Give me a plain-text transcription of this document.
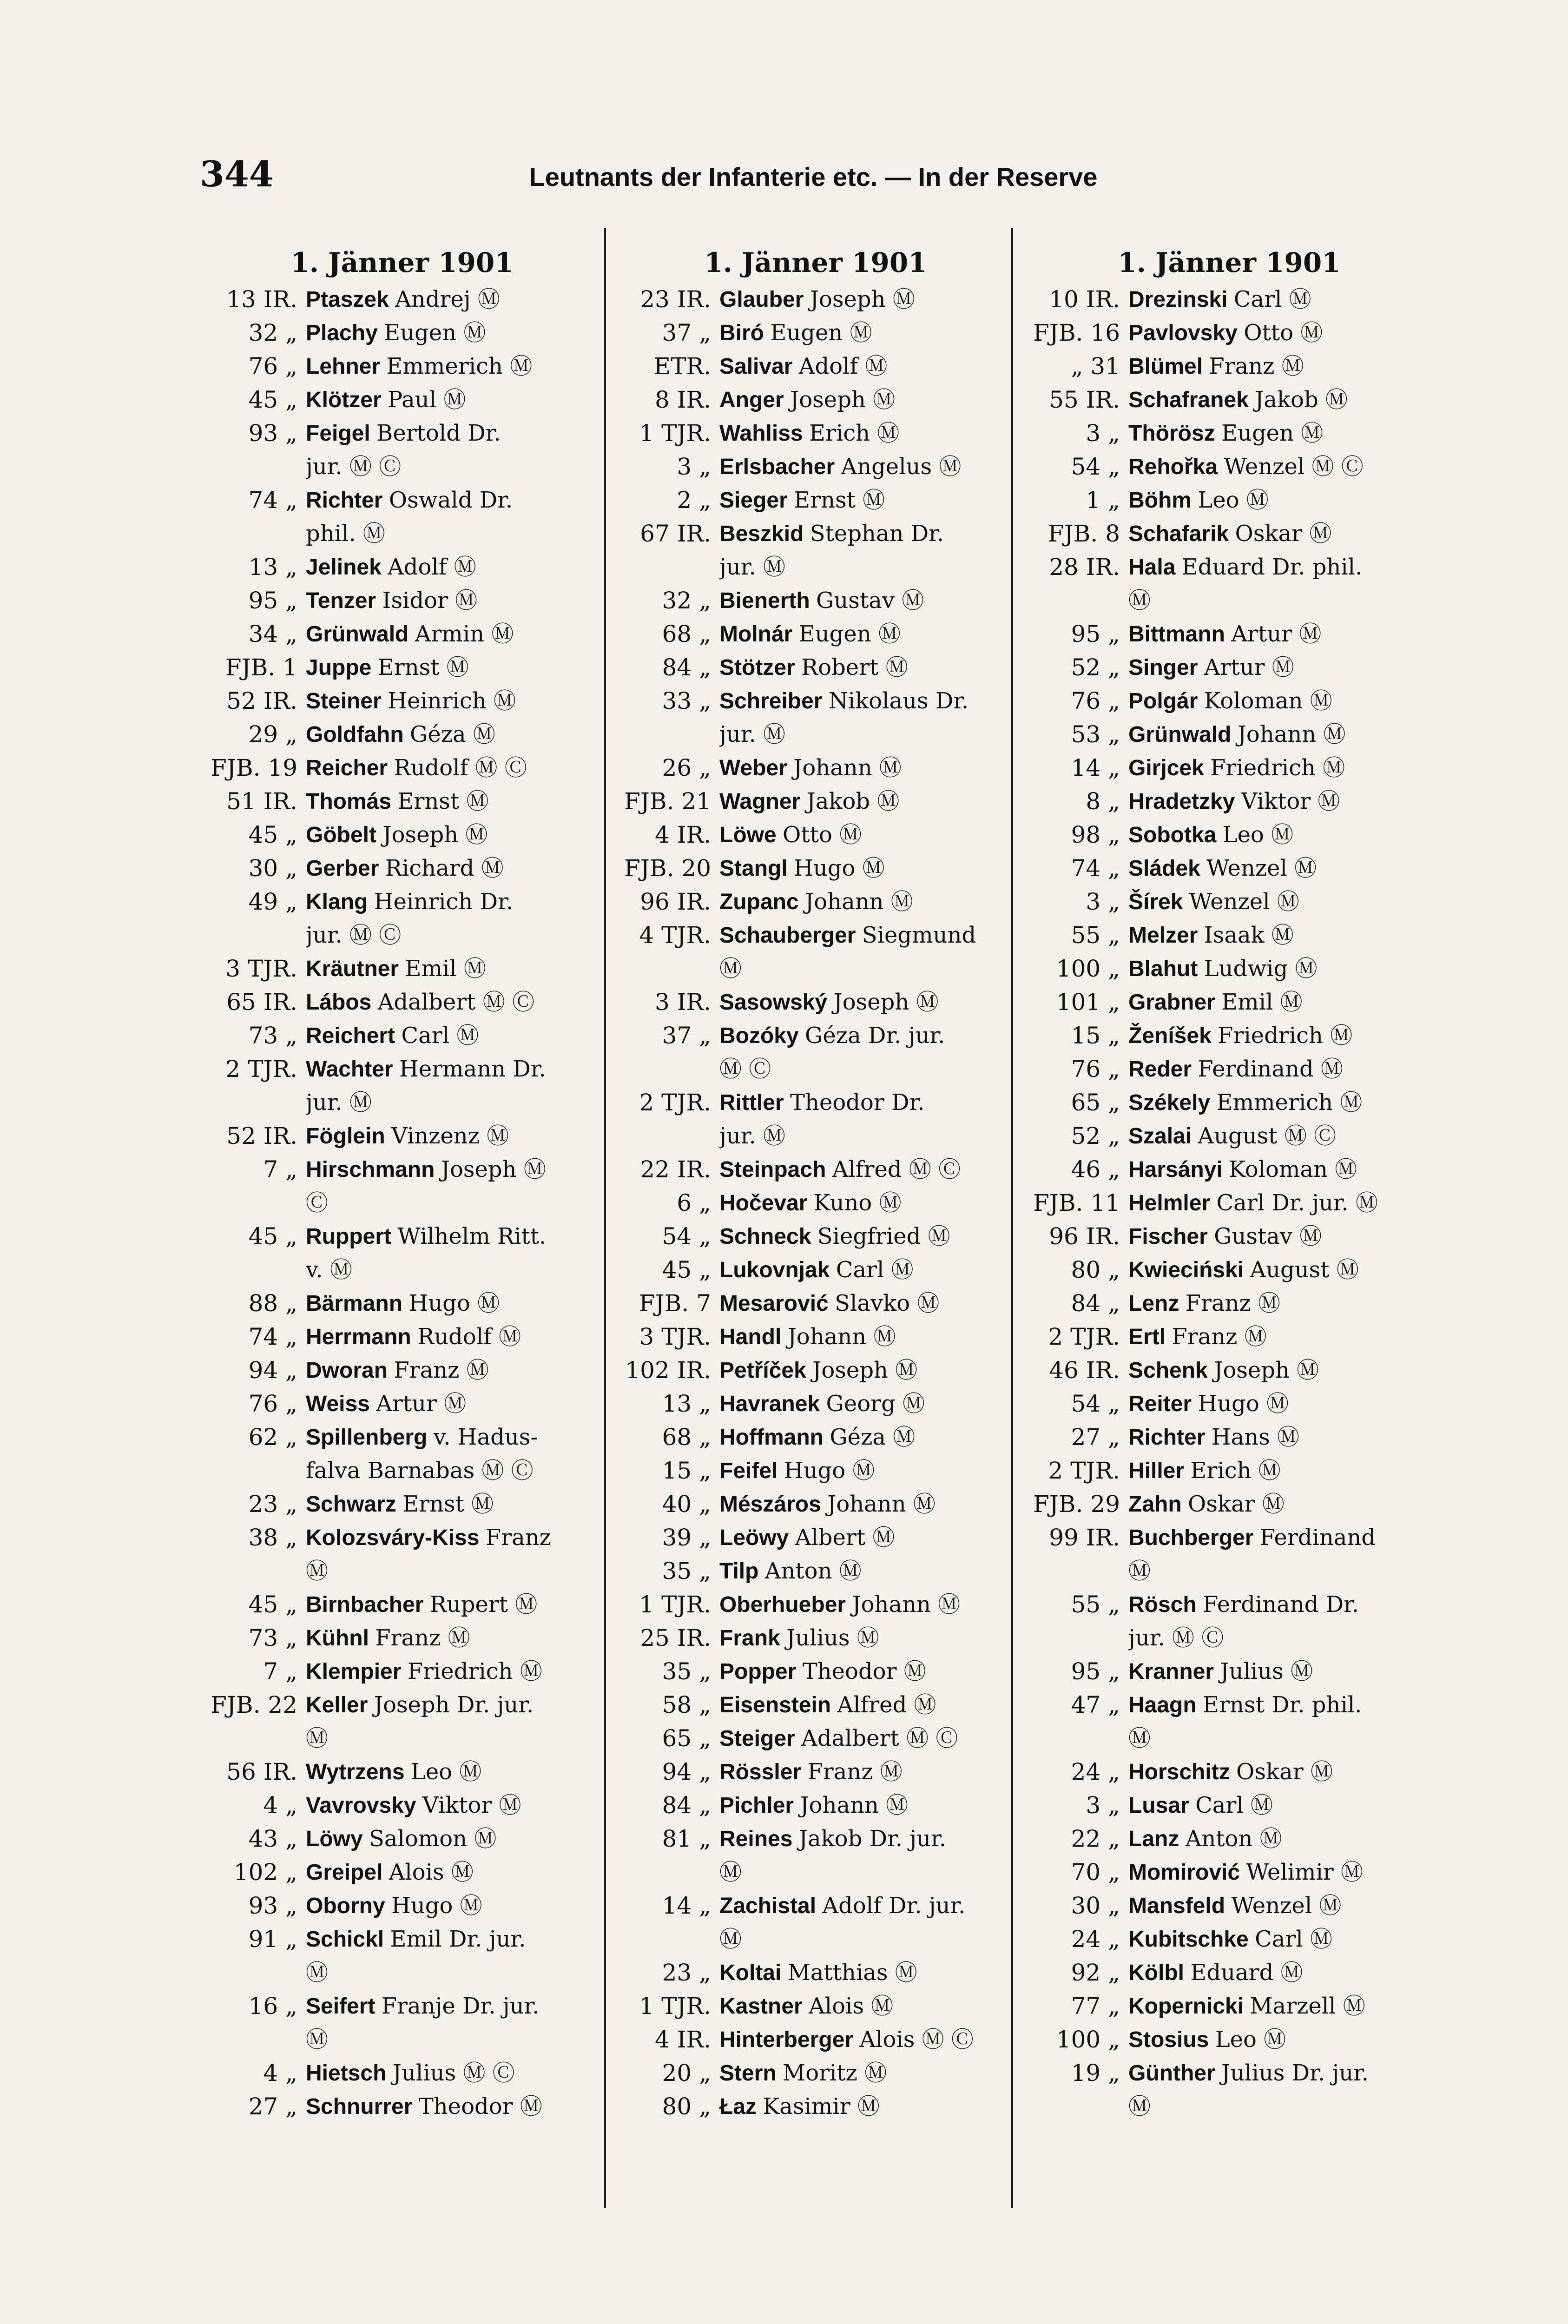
344	Leutnants der Infanterie etc. — In der Reserve
1. Jänner 1901
13 IR. Ptaszek Andrej Ⓜ
32 „ Plachy Eugen Ⓜ
76 „ Lehner Emmerich Ⓜ
45 „ Klötzer Paul Ⓜ
93 „ Feigel Bertold Dr.
jur. Ⓜ Ⓒ
74 „ Richter Oswald Dr.
phil. Ⓜ
13 „ Jelinek Adolf Ⓜ
95 „ Tenzer Isidor Ⓜ
34 „ Grünwald Armin Ⓜ
FJB. 1 Juppe Ernst Ⓜ
52 IR. Steiner Heinrich Ⓜ
29 „ Goldfahn Géza Ⓜ
FJB. 19 Reicher Rudolf Ⓜ Ⓒ
51 IR. Thomás Ernst Ⓜ
45 „ Göbelt Joseph Ⓜ
30 „ Gerber Richard Ⓜ
49 „ Klang Heinrich Dr.
jur. Ⓜ Ⓒ
3 TJR. Kräutner Emil Ⓜ
65 IR. Lábos Adalbert Ⓜ Ⓒ
73 „ Reichert Carl Ⓜ
2 TJR. Wachter Hermann Dr.
jur. Ⓜ
52 IR. Föglein Vinzenz Ⓜ
7 „ Hirschmann Joseph Ⓜ
Ⓒ
45 „ Ruppert Wilhelm Ritt.
v. Ⓜ
88 „ Bärmann Hugo Ⓜ
74 „ Herrmann Rudolf Ⓜ
94 „ Dworan Franz Ⓜ
76 „ Weiss Artur Ⓜ
62 „ Spillenberg v. Hadus-
falva Barnabas Ⓜ Ⓒ
23 „ Schwarz Ernst Ⓜ
38 „ Kolozsváry-Kiss Franz
Ⓜ
45 „ Birnbacher Rupert Ⓜ
73 „ Kühnl Franz Ⓜ
7 „ Klempier Friedrich Ⓜ
FJB. 22 Keller Joseph Dr. jur.
Ⓜ
56 IR. Wytrzens Leo Ⓜ
4 „ Vavrovsky Viktor Ⓜ
43 „ Löwy Salomon Ⓜ
102 „ Greipel Alois Ⓜ
93 „ Oborny Hugo Ⓜ
91 „ Schickl Emil Dr. jur.
Ⓜ
16 „ Seifert Franje Dr. jur.
Ⓜ
4 „ Hietsch Julius Ⓜ Ⓒ
27 „ Schnurrer Theodor Ⓜ
1. Jänner 1901
23 IR. Glauber Joseph Ⓜ
37 „ Biró Eugen Ⓜ
ETR. Salivar Adolf Ⓜ
8 IR. Anger Joseph Ⓜ
1 TJR. Wahliss Erich Ⓜ
3 „ Erlsbacher Angelus Ⓜ
2 „ Sieger Ernst Ⓜ
67 IR. Beszkid Stephan Dr.
jur. Ⓜ
32 „ Bienerth Gustav Ⓜ
68 „ Molnár Eugen Ⓜ
84 „ Stötzer Robert Ⓜ
33 „ Schreiber Nikolaus Dr.
jur. Ⓜ
26 „ Weber Johann Ⓜ
FJB. 21 Wagner Jakob Ⓜ
4 IR. Löwe Otto Ⓜ
FJB. 20 Stangl Hugo Ⓜ
96 IR. Zupanc Johann Ⓜ
4 TJR. Schauberger Siegmund
Ⓜ
3 IR. Sasowský Joseph Ⓜ
37 „ Bozóky Géza Dr. jur.
Ⓜ Ⓒ
2 TJR. Rittler Theodor Dr.
jur. Ⓜ
22 IR. Steinpach Alfred Ⓜ Ⓒ
6 „ Hočevar Kuno Ⓜ
54 „ Schneck Siegfried Ⓜ
45 „ Lukovnjak Carl Ⓜ
FJB. 7 Mesarović Slavko Ⓜ
3 TJR. Handl Johann Ⓜ
102 IR. Petříček Joseph Ⓜ
13 „ Havranek Georg Ⓜ
68 „ Hoffmann Géza Ⓜ
15 „ Feifel Hugo Ⓜ
40 „ Mészáros Johann Ⓜ
39 „ Leöwy Albert Ⓜ
35 „ Tilp Anton Ⓜ
1 TJR. Oberhueber Johann Ⓜ
25 IR. Frank Julius Ⓜ
35 „ Popper Theodor Ⓜ
58 „ Eisenstein Alfred Ⓜ
65 „ Steiger Adalbert Ⓜ Ⓒ
94 „ Rössler Franz Ⓜ
84 „ Pichler Johann Ⓜ
81 „ Reines Jakob Dr. jur.
Ⓜ
14 „ Zachistal Adolf Dr. jur.
Ⓜ
23 „ Koltai Matthias Ⓜ
1 TJR. Kastner Alois Ⓜ
4 IR. Hinterberger Alois Ⓜ Ⓒ
20 „ Stern Moritz Ⓜ
80 „ Łaz Kasimir Ⓜ
1. Jänner 1901
10 IR. Drezinski Carl Ⓜ
FJB. 16 Pavlovsky Otto Ⓜ
„ 31 Blümel Franz Ⓜ
55 IR. Schafranek Jakob Ⓜ
3 „ Thörösz Eugen Ⓜ
54 „ Rehořka Wenzel Ⓜ Ⓒ
1 „ Böhm Leo Ⓜ
FJB. 8 Schafarik Oskar Ⓜ
28 IR. Hala Eduard Dr. phil.
Ⓜ
95 „ Bittmann Artur Ⓜ
52 „ Singer Artur Ⓜ
76 „ Polgár Koloman Ⓜ
53 „ Grünwald Johann Ⓜ
14 „ Girjcek Friedrich Ⓜ
8 „ Hradetzky Viktor Ⓜ
98 „ Sobotka Leo Ⓜ
74 „ Sládek Wenzel Ⓜ
3 „ Šírek Wenzel Ⓜ
55 „ Melzer Isaak Ⓜ
100 „ Blahut Ludwig Ⓜ
101 „ Grabner Emil Ⓜ
15 „ Ženíšek Friedrich Ⓜ
76 „ Reder Ferdinand Ⓜ
65 „ Székely Emmerich Ⓜ
52 „ Szalai August Ⓜ Ⓒ
46 „ Harsányi Koloman Ⓜ
FJB. 11 Helmler Carl Dr. jur. Ⓜ
96 IR. Fischer Gustav Ⓜ
80 „ Kwieciński August Ⓜ
84 „ Lenz Franz Ⓜ
2 TJR. Ertl Franz Ⓜ
46 IR. Schenk Joseph Ⓜ
54 „ Reiter Hugo Ⓜ
27 „ Richter Hans Ⓜ
2 TJR. Hiller Erich Ⓜ
FJB. 29 Zahn Oskar Ⓜ
99 IR. Buchberger Ferdinand
Ⓜ
55 „ Rösch Ferdinand Dr.
jur. Ⓜ Ⓒ
95 „ Kranner Julius Ⓜ
47 „ Haagn Ernst Dr. phil.
Ⓜ
24 „ Horschitz Oskar Ⓜ
3 „ Lusar Carl Ⓜ
22 „ Lanz Anton Ⓜ
70 „ Momirović Welimir Ⓜ
30 „ Mansfeld Wenzel Ⓜ
24 „ Kubitschke Carl Ⓜ
92 „ Kölbl Eduard Ⓜ
77 „ Kopernicki Marzell Ⓜ
100 „ Stosius Leo Ⓜ
19 „ Günther Julius Dr. jur.
Ⓜ
